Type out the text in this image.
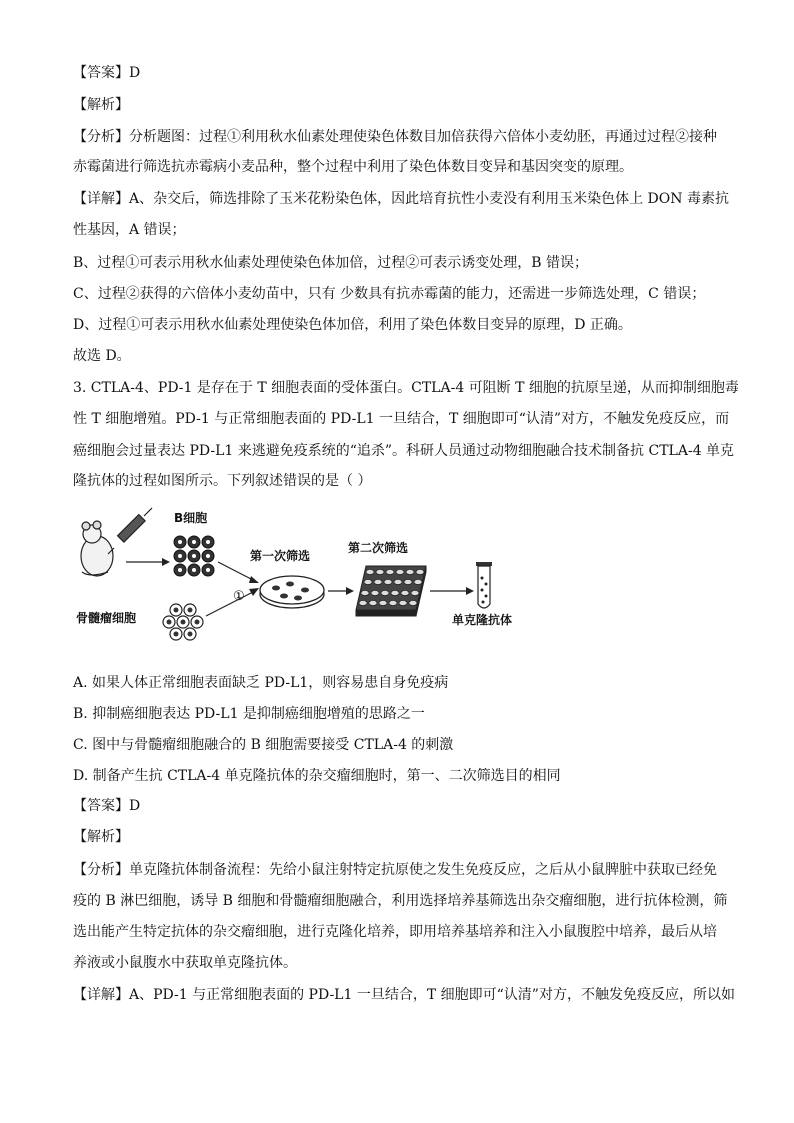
【答案】D
【解析】
【分析】分析题图：过程①利用秋水仙素处理使染色体数目加倍获得六倍体小麦幼胚，再通过过程②接种
赤霉菌进行筛选抗赤霉病小麦品种，整个过程中利用了染色体数目变异和基因突变的原理。
【详解】A、杂交后，筛选排除了玉米花粉染色体，因此培育抗性小麦没有利用玉米染色体上 DON 毒素抗
性基因，A 错误；
B、过程①可表示用秋水仙素处理使染色体加倍，过程②可表示诱变处理，B 错误；
C、过程②获得的六倍体小麦幼苗中，只有 少数具有抗赤霉菌的能力，还需进一步筛选处理，C 错误；
D、过程①可表示用秋水仙素处理使染色体加倍，利用了染色体数目变异的原理，D 正确。
故选 D。
3. CTLA-4、PD-1 是存在于 T 细胞表面的受体蛋白。CTLA-4 可阻断 T 细胞的抗原呈递，从而抑制细胞毒
性 T 细胞增殖。PD-1 与正常细胞表面的 PD-L1 一旦结合，T 细胞即可“认清”对方，不触发免疫反应，而
癌细胞会过量表达 PD-L1 来逃避免疫系统的“追杀”。科研人员通过动物细胞融合技术制备抗 CTLA-4 单克
隆抗体的过程如图所示。下列叙述错误的是（ ）
B细胞
骨髓瘤细胞
①
第一次筛选
第二次筛选
单克隆抗体
A. 如果人体正常细胞表面缺乏 PD-L1，则容易患自身免疫病
B. 抑制癌细胞表达 PD-L1 是抑制癌细胞增殖的思路之一
C. 图中与骨髓瘤细胞融合的 B 细胞需要接受 CTLA-4 的刺激
D. 制备产生抗 CTLA-4 单克隆抗体的杂交瘤细胞时，第一、二次筛选目的相同
【答案】D
【解析】
【分析】单克隆抗体制备流程：先给小鼠注射特定抗原使之发生免疫反应，之后从小鼠脾脏中获取已经免
疫的 B 淋巴细胞，诱导 B 细胞和骨髓瘤细胞融合，利用选择培养基筛选出杂交瘤细胞，进行抗体检测，筛
选出能产生特定抗体的杂交瘤细胞，进行克隆化培养，即用培养基培养和注入小鼠腹腔中培养，最后从培
养液或小鼠腹水中获取单克隆抗体。
【详解】A、PD-1 与正常细胞表面的 PD-L1 一旦结合，T 细胞即可“认清”对方，不触发免疫反应，所以如
